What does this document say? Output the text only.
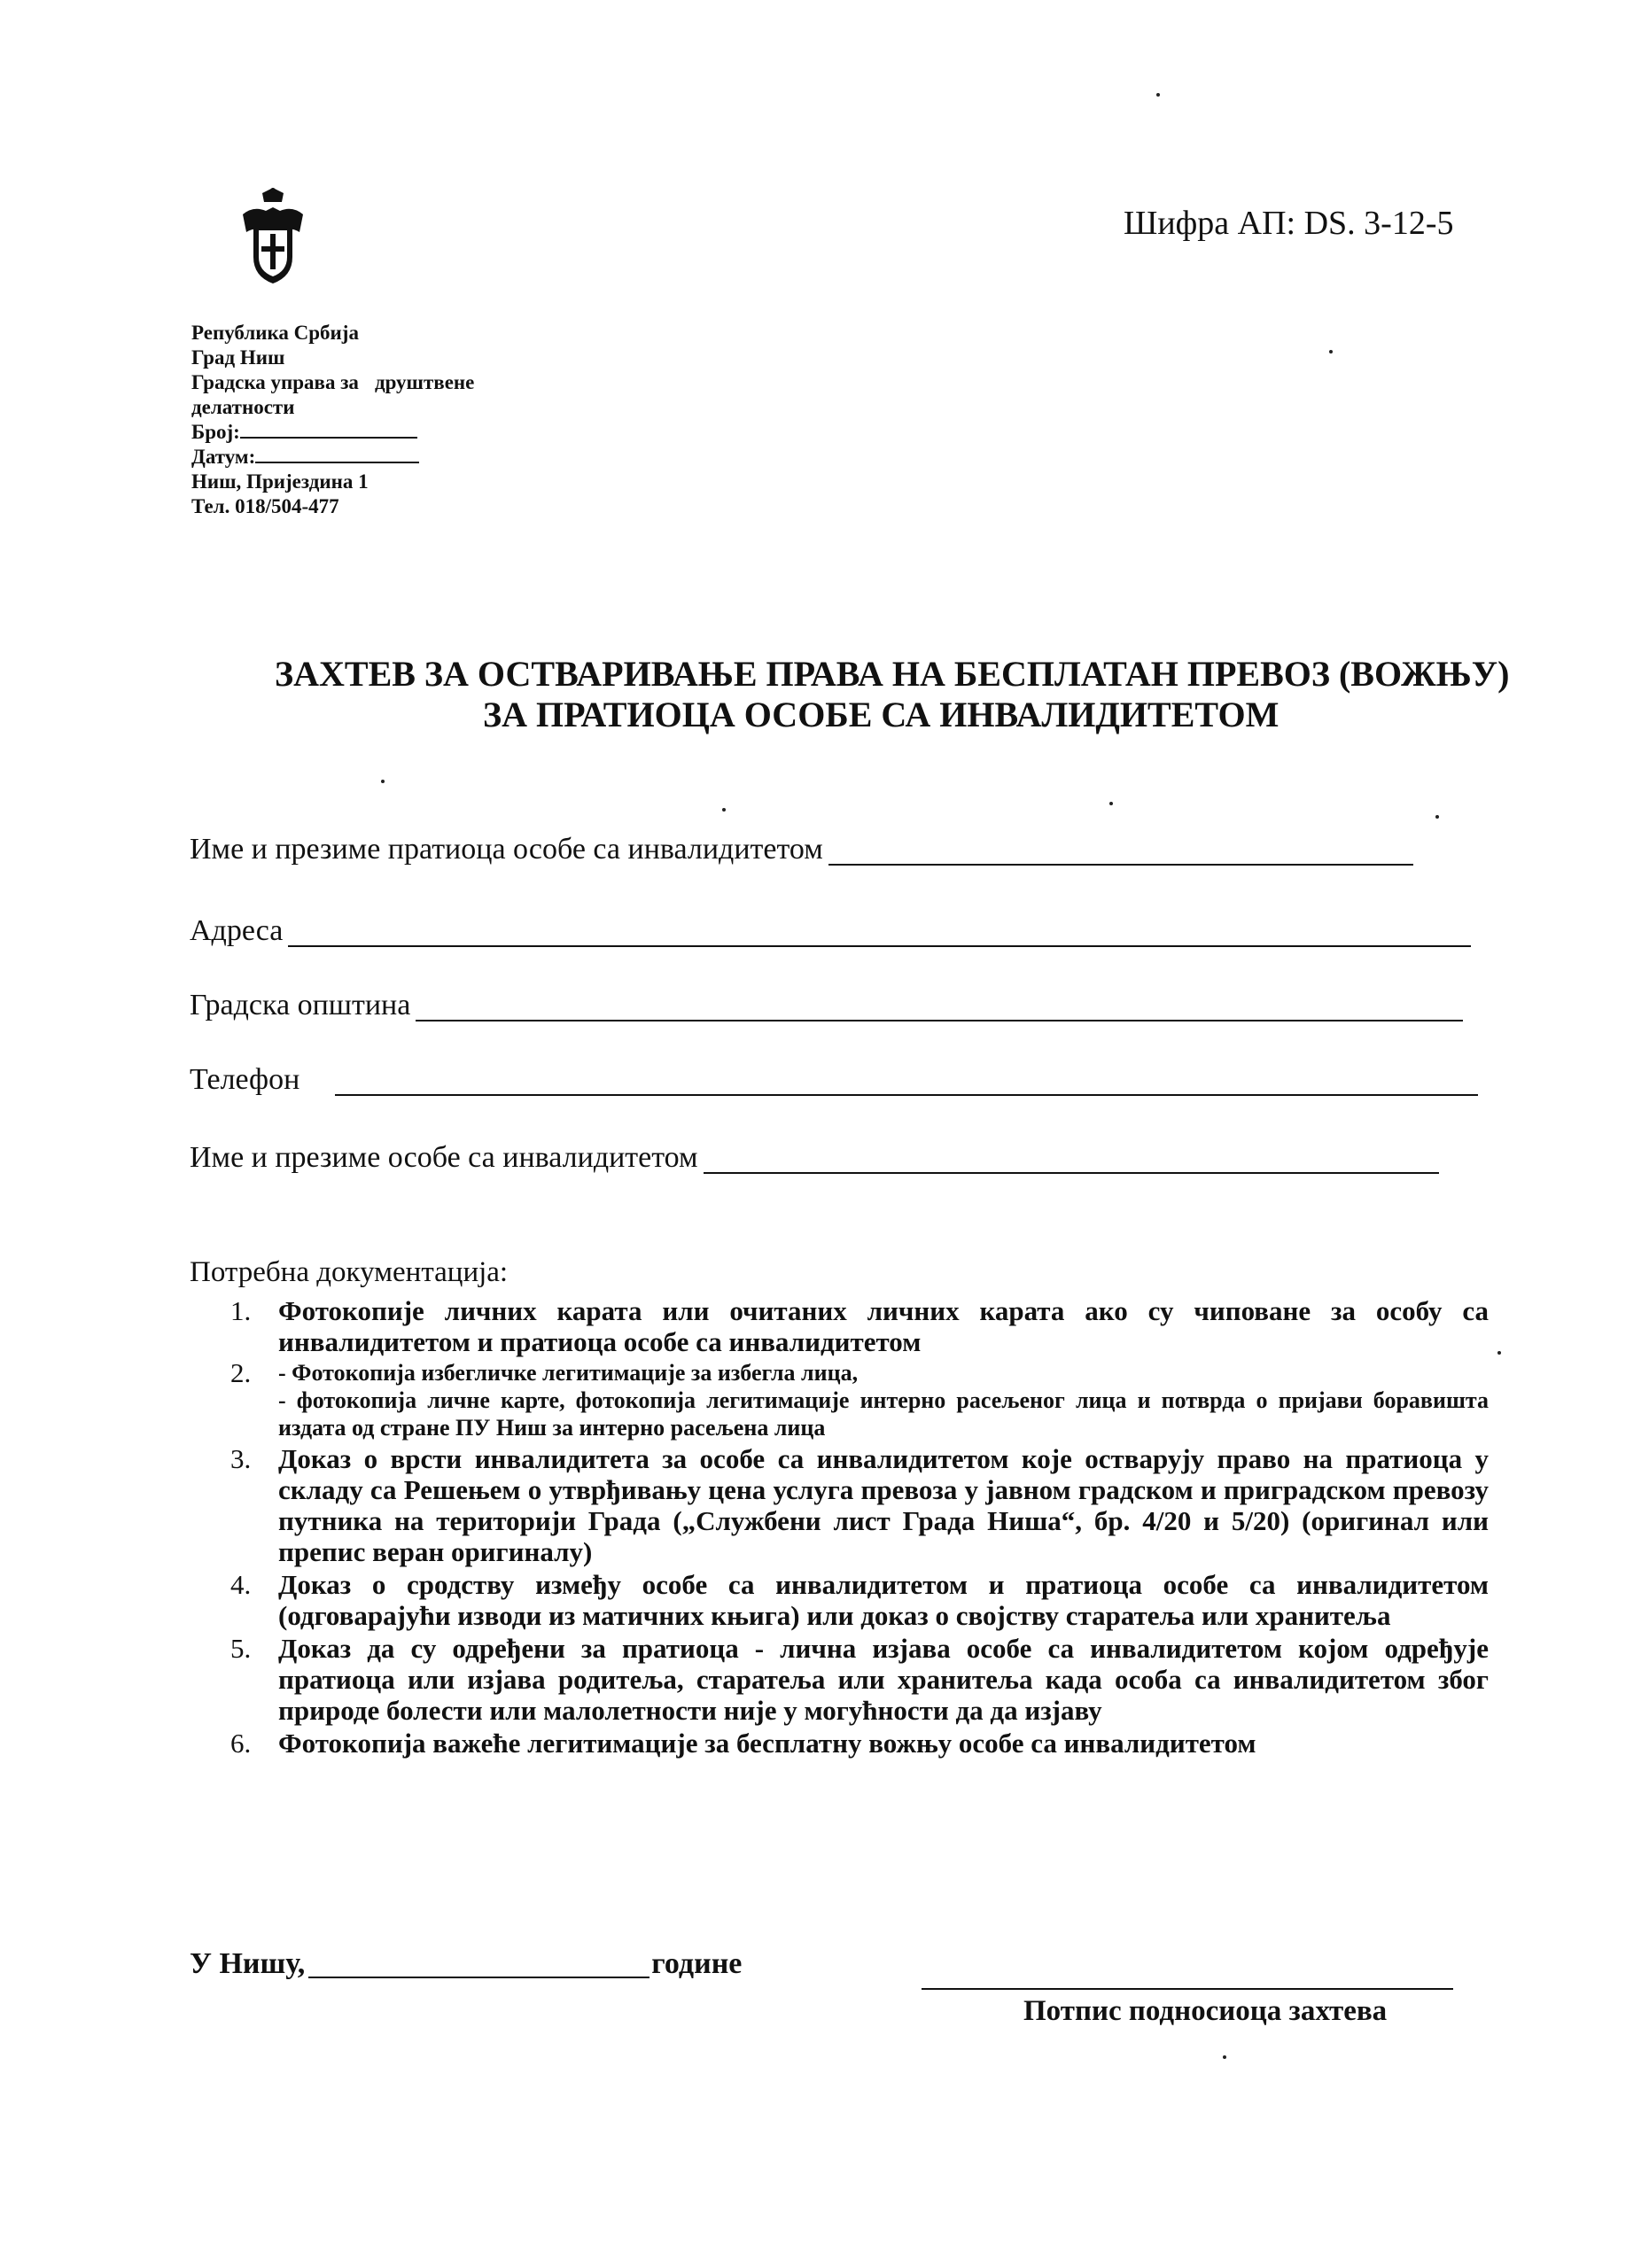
Шифра АП: DS. 3-12-5
Република Србија
Град Ниш
Градска управа за друштвене
делатности
Број:
Датум:
Ниш, Пријездина 1
Тел. 018/504-477
ЗАХТЕВ ЗА ОСТВАРИВАЊЕ ПРАВА НА БЕСПЛАТАН ПРЕВОЗ (ВОЖЊУ)
ЗА ПРАТИОЦА ОСОБЕ СА ИНВАЛИДИТЕТОМ
Име и презиме пратиоца особе са инвалидитетом
Адреса
Градска општина
Телефон
Име и презиме особе са инвалидитетом
Потребна документација:
1. Фотокопије личних карата или очитаних личних карата ако су чиповане за особу са инвалидитетом и пратиоца особе са инвалидитетом
2. - Фотокопија избегличке легитимације за избегла лица,
- фотокопија личне карте, фотокопија легитимације интерно расељеног лица и потврда о пријави боравишта издата од стране ПУ Ниш за интерно расељена лица
3. Доказ о врсти инвалидитета за особе са инвалидитетом које остварују право на пратиоца у складу са Решењем о утврђивању цена услуга превоза у јавном градском и приградском превозу путника на територији Града („Службени лист Града Ниша“, бр. 4/20 и 5/20) (оригинал или препис веран оригиналу)
4. Доказ о сродству између особе са инвалидитетом и пратиоца особе са инвалидитетом (одговарајући изводи из матичних књига) или доказ о својству старатеља или хранитеља
5. Доказ да су одређени за пратиоца - лична изјава особе са инвалидитетом којом одређује пратиоца или изјава родитеља, старатеља или хранитеља када особа са инвалидитетом због природе болести или малолетности није у могућности да да изјаву
6. Фотокопија важеће легитимације за бесплатну вожњу особе са инвалидитетом
У Нишу,	године
Потпис подносиоца захтева
